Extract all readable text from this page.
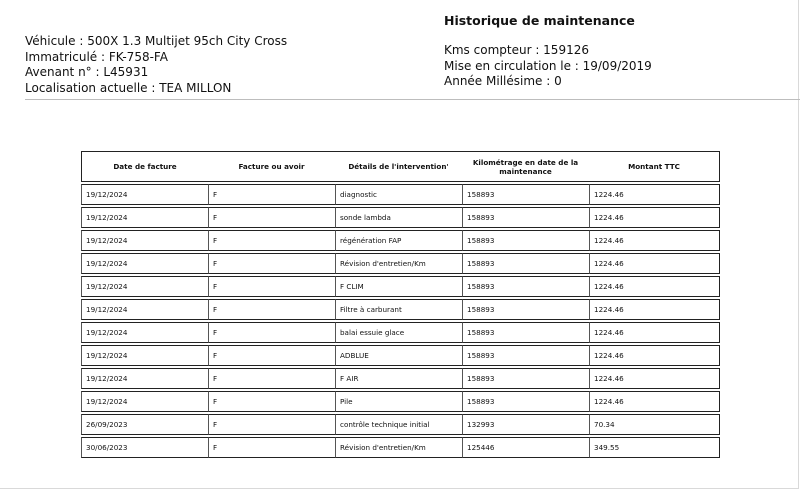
Véhicule : 500X 1.3 Multijet 95ch City Cross
Immatriculé : FK-758-FA
Avenant n° : L45931
Localisation actuelle : TEA MILLON
Historique de maintenance
Kms compteur : 159126
Mise en circulation le : 19/09/2019
Année Millésime : 0
Date de facture	Facture ou avoir	Détails de l'intervention'	Kilométrage en date de la maintenance	Montant TTC
19/12/2024	F	diagnostic	158893	1224.46
19/12/2024	F	sonde lambda	158893	1224.46
19/12/2024	F	régénération FAP	158893	1224.46
19/12/2024	F	Révision d'entretien/Km	158893	1224.46
19/12/2024	F	F CLIM	158893	1224.46
19/12/2024	F	Filtre à carburant	158893	1224.46
19/12/2024	F	balai essuie glace	158893	1224.46
19/12/2024	F	ADBLUE	158893	1224.46
19/12/2024	F	F AIR	158893	1224.46
19/12/2024	F	Pile	158893	1224.46
26/09/2023	F	contrôle technique initial	132993	70.34
30/06/2023	F	Révision d'entretien/Km	125446	349.55
